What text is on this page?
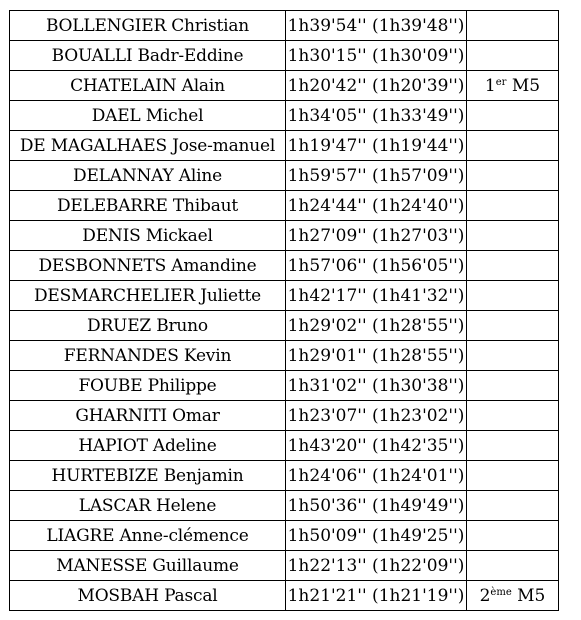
BOLLENGIER Christian	1h39'54'' (1h39'48'')	
BOUALLI Badr-Eddine	1h30'15'' (1h30'09'')	
CHATELAIN Alain	1h20'42'' (1h20'39'')	1er M5
DAEL Michel	1h34'05'' (1h33'49'')	
DE MAGALHAES Jose-manuel	1h19'47'' (1h19'44'')	
DELANNAY Aline	1h59'57'' (1h57'09'')	
DELEBARRE Thibaut	1h24'44'' (1h24'40'')	
DENIS Mickael	1h27'09'' (1h27'03'')	
DESBONNETS Amandine	1h57'06'' (1h56'05'')	
DESMARCHELIER Juliette	1h42'17'' (1h41'32'')	
DRUEZ Bruno	1h29'02'' (1h28'55'')	
FERNANDES Kevin	1h29'01'' (1h28'55'')	
FOUBE Philippe	1h31'02'' (1h30'38'')	
GHARNITI Omar	1h23'07'' (1h23'02'')	
HAPIOT Adeline	1h43'20'' (1h42'35'')	
HURTEBIZE Benjamin	1h24'06'' (1h24'01'')	
LASCAR Helene	1h50'36'' (1h49'49'')	
LIAGRE Anne-clémence	1h50'09'' (1h49'25'')	
MANESSE Guillaume	1h22'13'' (1h22'09'')	
MOSBAH Pascal	1h21'21'' (1h21'19'')	2ème M5
